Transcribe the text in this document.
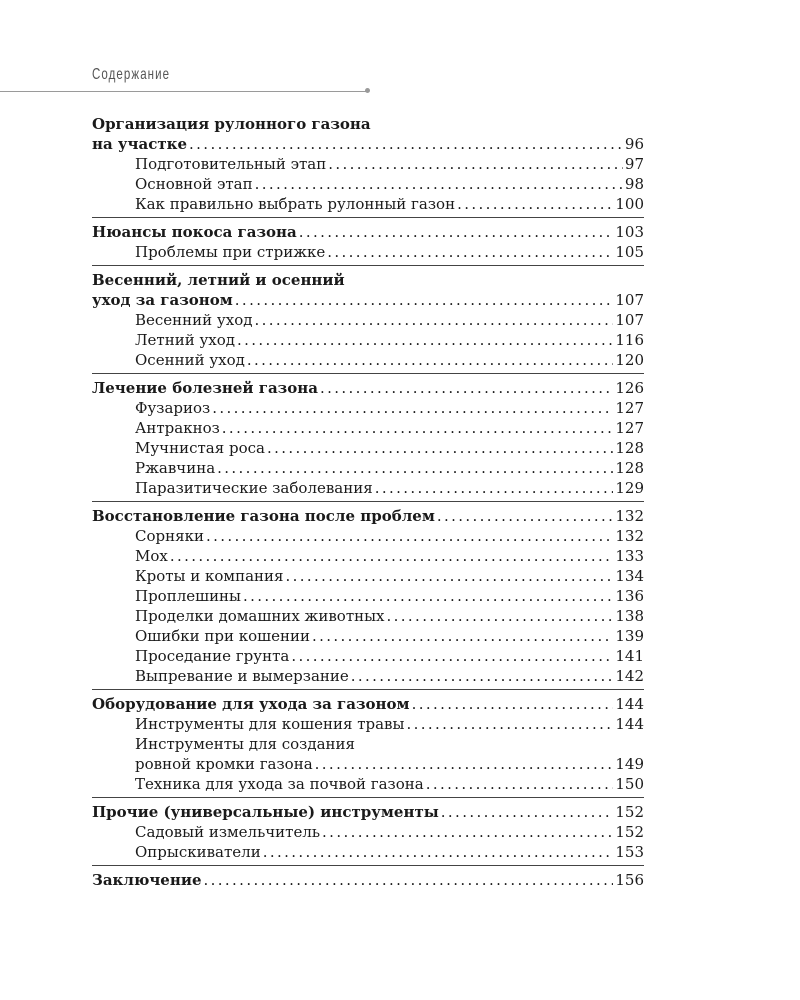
Содержание
Организация рулонного газона
на участке . . .	96
Подготовительный этап . . .	97
Основной этап . . .	98
Как правильно выбрать рулонный газон . . .	100
Нюансы покоса газона . . .	103
Проблемы при стрижке . . .	105
Весенний, летний и осенний
уход за газоном . . .	107
Весенний уход . . .	107
Летний уход . . .	116
Осенний уход . . .	120
Лечение болезней газона . . .	126
Фузариоз . . .	127
Антракноз . . .	127
Мучнистая роса . . .	128
Ржавчина . . .	128
Паразитические заболевания . . .	129
Восстановление газона после проблем . . .	132
Сорняки . . .	132
Мох . . .	133
Кроты и компания . . .	134
Проплешины . . .	136
Проделки домашних животных . . .	138
Ошибки при кошении . . .	139
Проседание грунта . . .	141
Выпревание и вымерзание . . .	142
Оборудование для ухода за газоном . . .	144
Инструменты для кошения травы . . .	144
Инструменты для создания
ровной кромки газона . . .	149
Техника для ухода за почвой газона . . .	150
Прочие (универсальные) инструменты . . .	152
Садовый измельчитель . . .	152
Опрыскиватели . . .	153
Заключение . . .	156
